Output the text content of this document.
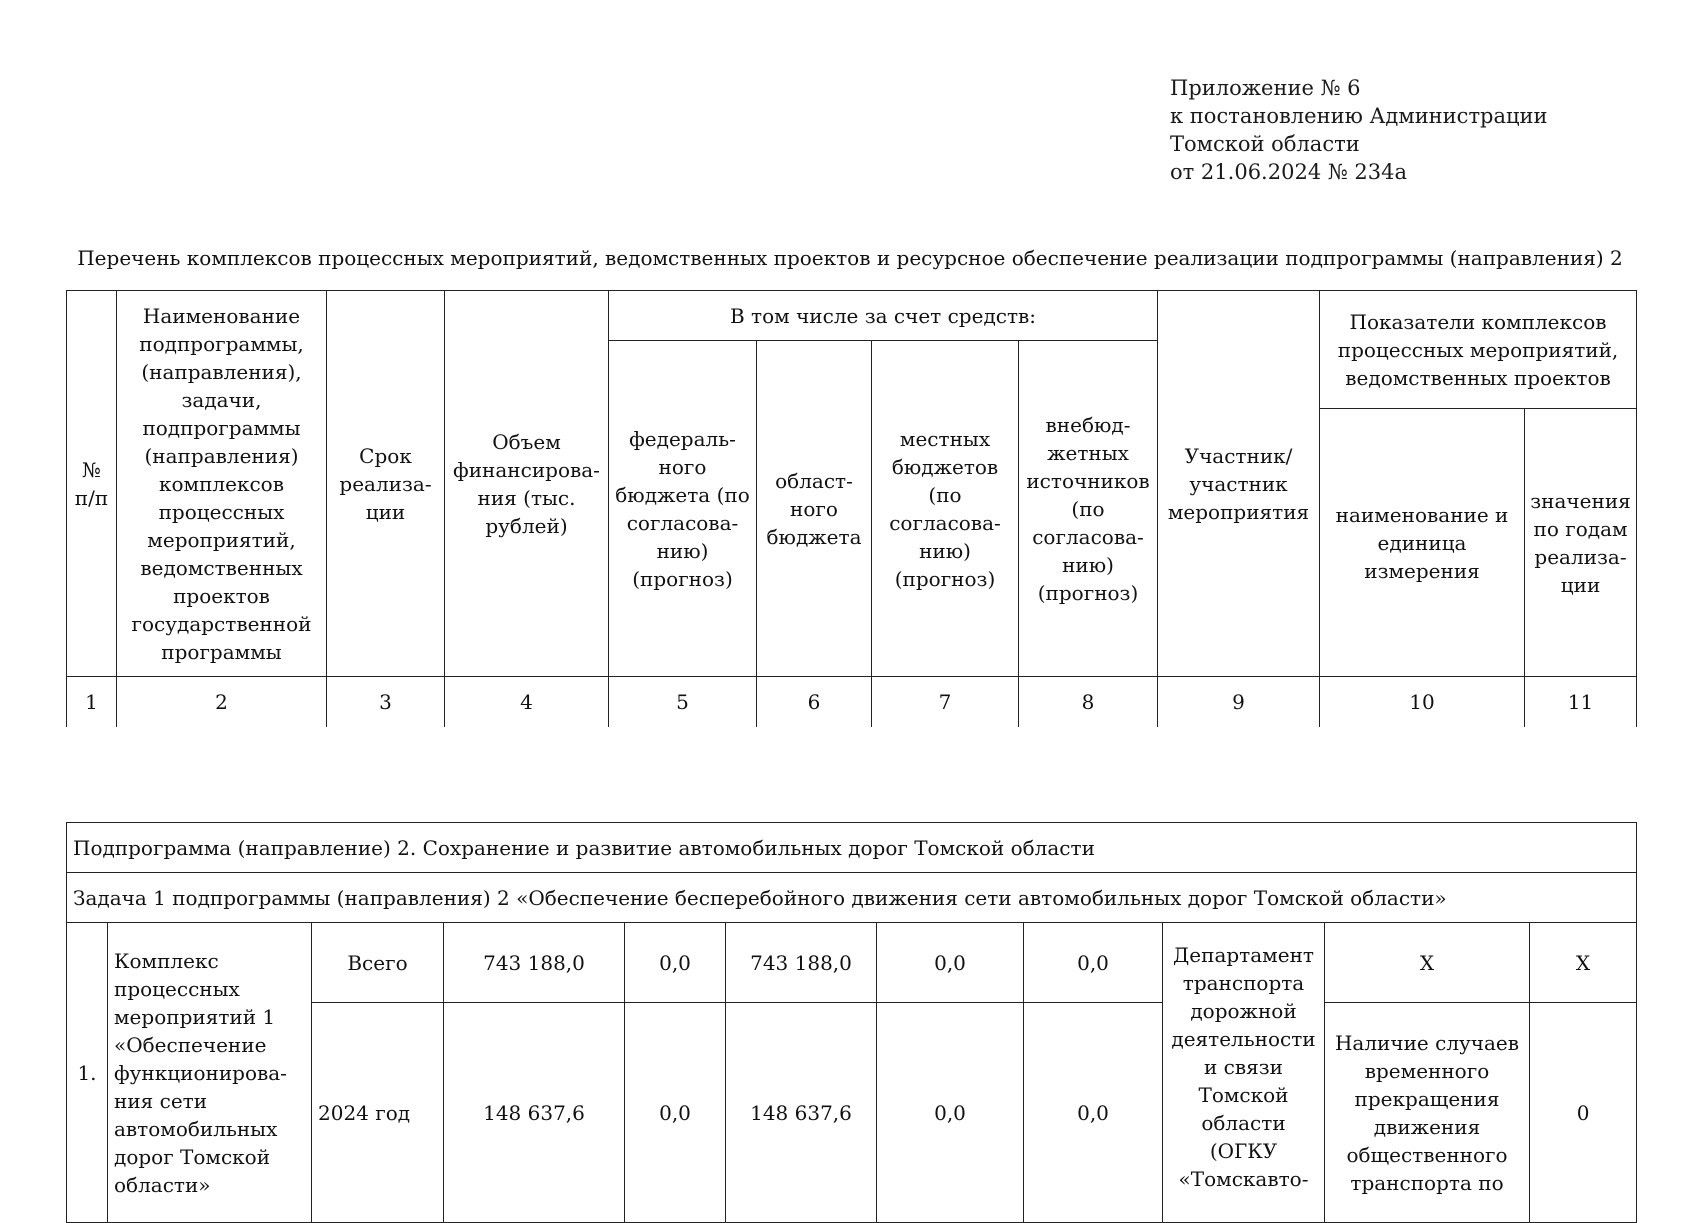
Приложение № 6
к постановлению Администрации
Томской области
от 21.06.2024 № 234а
Перечень комплексов процессных мероприятий, ведомственных проектов и ресурсное обеспечение реализации подпрограммы (направления) 2
№ п/п	Наименование подпрограммы, (направления), задачи, подпрограммы (направления) комплексов процессных мероприятий, ведомственных проектов государственной программы	Срок реализа- ции	Объем финансирова- ния (тыс. рублей)	В том числе за счет средств:				Участник/ участник мероприятия	Показатели комплексов процессных мероприятий, ведомственных проектов	
				федераль- ного бюджета (по согласова- нию) (прогноз)	област- ного бюджета	местных бюджетов (по согласова- нию) (прогноз)	внебюд- жетных источников (по согласова- нию) (прогноз)			
									наименование и единица измерения	значения по годам реализа- ции
1	2	3	4	5	6	7	8	9	10	11
Подпрограмма (направление) 2. Сохранение и развитие автомобильных дорог Томской области										
Задача 1 подпрограммы (направления) 2 «Обеспечение бесперебойного движения сети автомобильных дорог Томской области»										
1.	Комплекс процессных мероприятий 1 «Обеспечение функционирова- ния сети автомобильных дорог Томской области»	Всего	743 188,0	0,0	743 188,0	0,0	0,0	Департамент транспорта дорожной деятельности и связи Томской области (ОГКУ «Томскавто-	Х	Х
		2024 год	148 637,6	0,0	148 637,6	0,0	0,0		Наличие случаев временного прекращения движения общественного транспорта по	0
